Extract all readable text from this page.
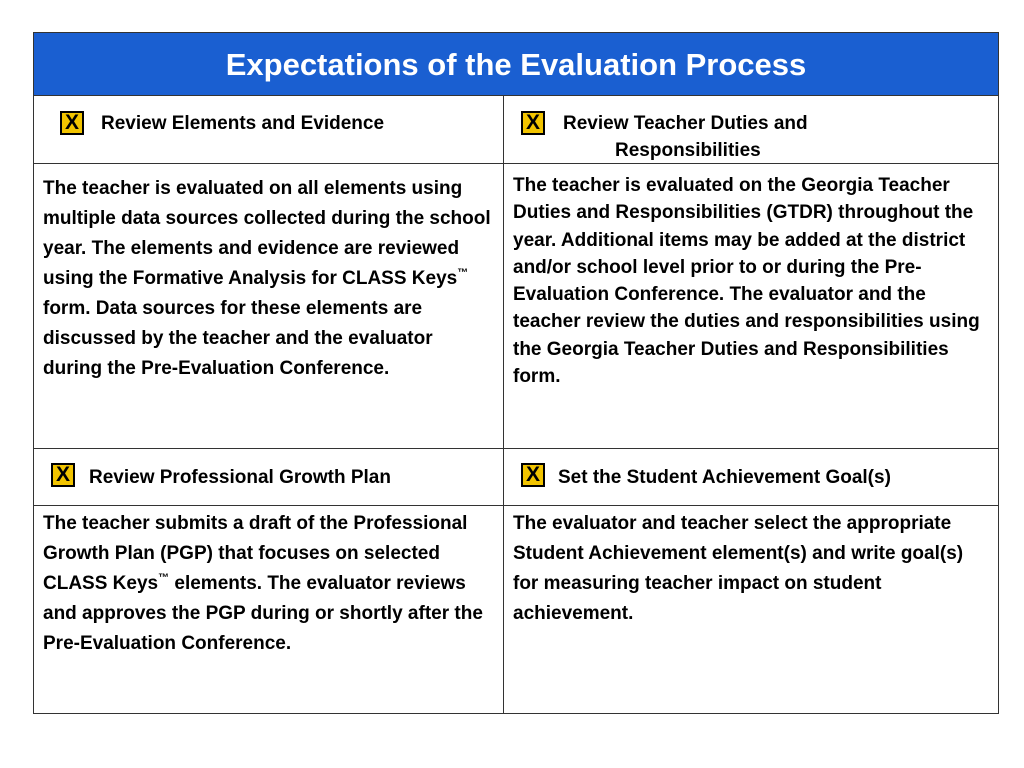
Expectations of the Evaluation Process
X Review Elements and Evidence	X Review Teacher Duties and
Responsibilities
The teacher is evaluated on all elements using multiple data sources collected during the school year. The elements and evidence are reviewed using the Formative Analysis for CLASS Keys™ form. Data sources for these elements are discussed by the teacher and the evaluator during the Pre-Evaluation Conference.
The teacher is evaluated on the Georgia Teacher Duties and Responsibilities (GTDR) throughout the year. Additional items may be added at the district and/or school level prior to or during the Pre-Evaluation Conference. The evaluator and the teacher review the duties and responsibilities using the Georgia Teacher Duties and Responsibilities form.
X Review Professional Growth Plan	X Set the Student Achievement Goal(s)
The teacher submits a draft of the Professional Growth Plan (PGP) that focuses on selected CLASS Keys™ elements. The evaluator reviews and approves the PGP during or shortly after the Pre-Evaluation Conference.
The evaluator and teacher select the appropriate Student Achievement element(s) and write goal(s) for measuring teacher impact on student achievement.
